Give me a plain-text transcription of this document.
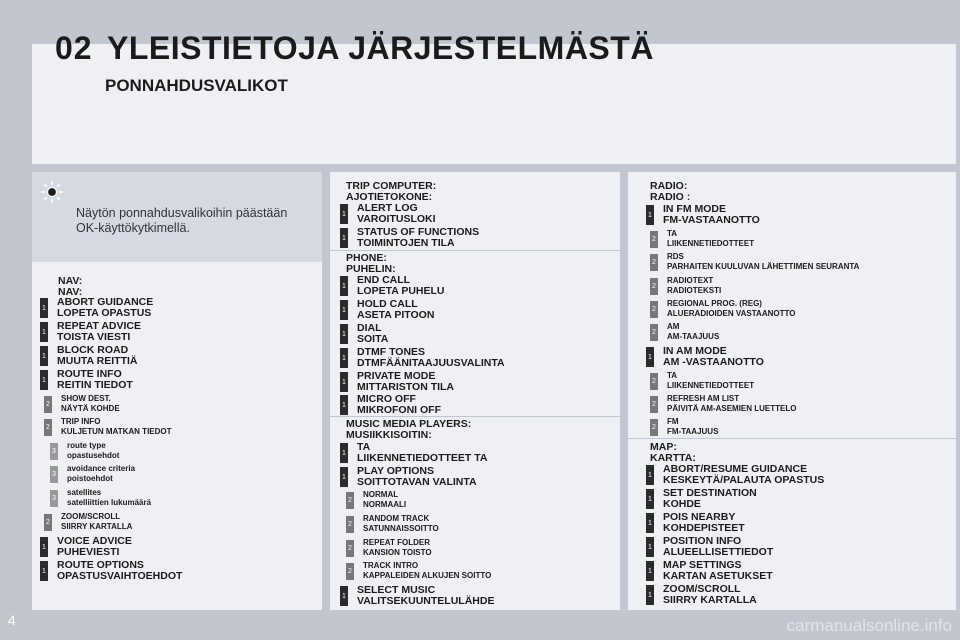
02 YLEISTIETOJA JÄRJESTELMÄSTÄ
PONNAHDUSVALIKOT
Näytön ponnahdusvalikoihin päästään
OK-käyttökytkimellä.
NAV:
NAV:
1 ABORT GUIDANCE
LOPETA OPASTUS
1 REPEAT ADVICE
TOISTA VIESTI
1 BLOCK ROAD
MUUTA REITTIÄ
1 ROUTE INFO
REITIN TIEDOT
2
SHOW DEST.
NÄYTÄ KOHDE
2
TRIP INFO
KULJETUN MATKAN TIEDOT
3
route type
opastusehdot
3
avoidance criteria
poistoehdot
3
satellites
satelliittien lukumäärä
2
ZOOM/SCROLL
SIIRRY KARTALLA
1 VOICE ADVICE
PUHEVIESTI
1 ROUTE OPTIONS
OPASTUSVAIHTOEHDOT
TRIP COMPUTER:
AJOTIETOKONE:
1 ALERT LOG
VAROITUSLOKI
1 STATUS OF FUNCTIONS
TOIMINTOJEN TILA
PHONE:
PUHELIN:
1 END CALL
LOPETA PUHELU
1 HOLD CALL
ASETA PITOON
1 DIAL
SOITA
1 DTMF TONES
DTMFÄÄNITAAJUUSVALINTA
1 PRIVATE MODE
MITTARISTON TILA
1 MICRO OFF
MIKROFONI OFF
MUSIC MEDIA PLAYERS:
MUSIIKKISOITIN:
1 TA
LIIKENNETIEDOTTEET TA
1 PLAY OPTIONS
SOITTOTAVAN VALINTA
2
NORMAL
NORMAALI
2
RANDOM TRACK
SATUNNAISSOITTO
2
REPEAT FOLDER
KANSION TOISTO
2
TRACK INTRO
KAPPALEIDEN ALKUJEN SOITTO
1 SELECT MUSIC
VALITSEKUUNTELULÄHDE
RADIO:
RADIO :
1 IN FM MODE
FM-VASTAANOTTO
2
TA
LIIKENNETIEDOTTEET
2
RDS
PARHAITEN KUULUVAN LÄHETTIMEN SEURANTA
2
RADIOTEXT
RADIOTEKSTI
2
REGIONAL PROG. (REG)
ALUERADIOIDEN VASTAANOTTO
2
AM
AM-TAAJUUS
1 IN AM MODE
AM -VASTAANOTTO
2
TA
LIIKENNETIEDOTTEET
2
REFRESH AM LIST
PÄIVITÄ AM-ASEMIEN LUETTELO
2
FM
FM-TAAJUUS
MAP:
KARTTA:
1 ABORT/RESUME GUIDANCE
KESKEYTÄ/PALAUTA OPASTUS
1 SET DESTINATION
KOHDE
1 POIS NEARBY
KOHDEPISTEET
1 POSITION INFO
ALUEELLISETTIEDOT
1 MAP SETTINGS
KARTAN ASETUKSET
1 ZOOM/SCROLL
SIIRRY KARTALLA
4	carmanualsonline.info
